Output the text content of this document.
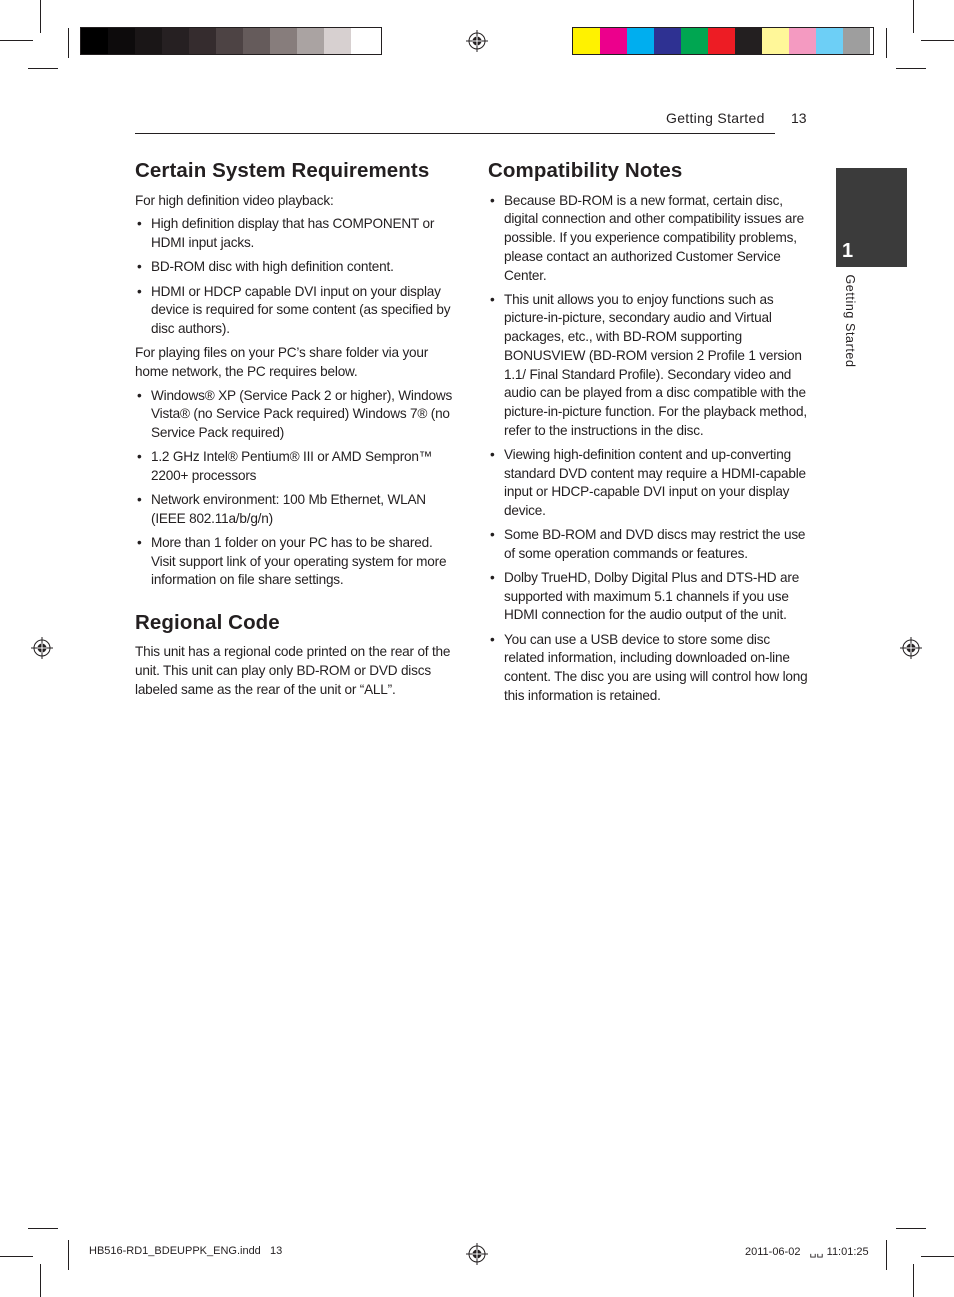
Getting Started 13
1
Getting Started
Certain System Requirements

For high definition video playback:

• High definition display that has COMPONENT or HDMI input jacks.
• BD-ROM disc with high definition content.
• HDMI or HDCP capable DVI input on your display device is required for some content (as specified by disc authors).

For playing files on your PC’s share folder via your home network, the PC requires below.

• Windows® XP (Service Pack 2 or higher), Windows Vista® (no Service Pack required) Windows 7® (no Service Pack required)
• 1.2 GHz Intel® Pentium® III or AMD Sempron™ 2200+ processors
• Network environment: 100 Mb Ethernet, WLAN (IEEE 802.11a/b/g/n)
• More than 1 folder on your PC has to be shared. Visit support link of your operating system for more information on file share settings.
Regional Code

This unit has a regional code printed on the rear of the unit. This unit can play only BD-ROM or DVD discs labeled same as the rear of the unit or “ALL”.

Compatibility Notes
• Because BD-ROM is a new format, certain disc, digital connection and other compatibility issues are possible. If you experience compatibility problems, please contact an authorized Customer Service Center.
• This unit allows you to enjoy functions such as picture-in-picture, secondary audio and Virtual packages, etc., with BD-ROM supporting BONUSVIEW (BD-ROM version 2 Profile 1 version 1.1/ Final Standard Profile). Secondary video and audio can be played from a disc compatible with the picture-in-picture function. For the playback method, refer to the instructions in the disc.
• Viewing high-definition content and up-converting standard DVD content may require a HDMI-capable input or HDCP-capable DVI input on your display device.
• Some BD-ROM and DVD discs may restrict the use of some operation commands or features.
• Dolby TrueHD, Dolby Digital Plus and DTS-HD are supported with maximum 5.1 channels if you use HDMI connection for the audio output of the unit.
• You can use a USB device to store some disc related information, including downloaded on-line content. The disc you are using will control how long this information is retained.
HB516-RD1_BDEUPPK_ENG.indd   13	2011-06-02   ␣␣ 11:01:25
